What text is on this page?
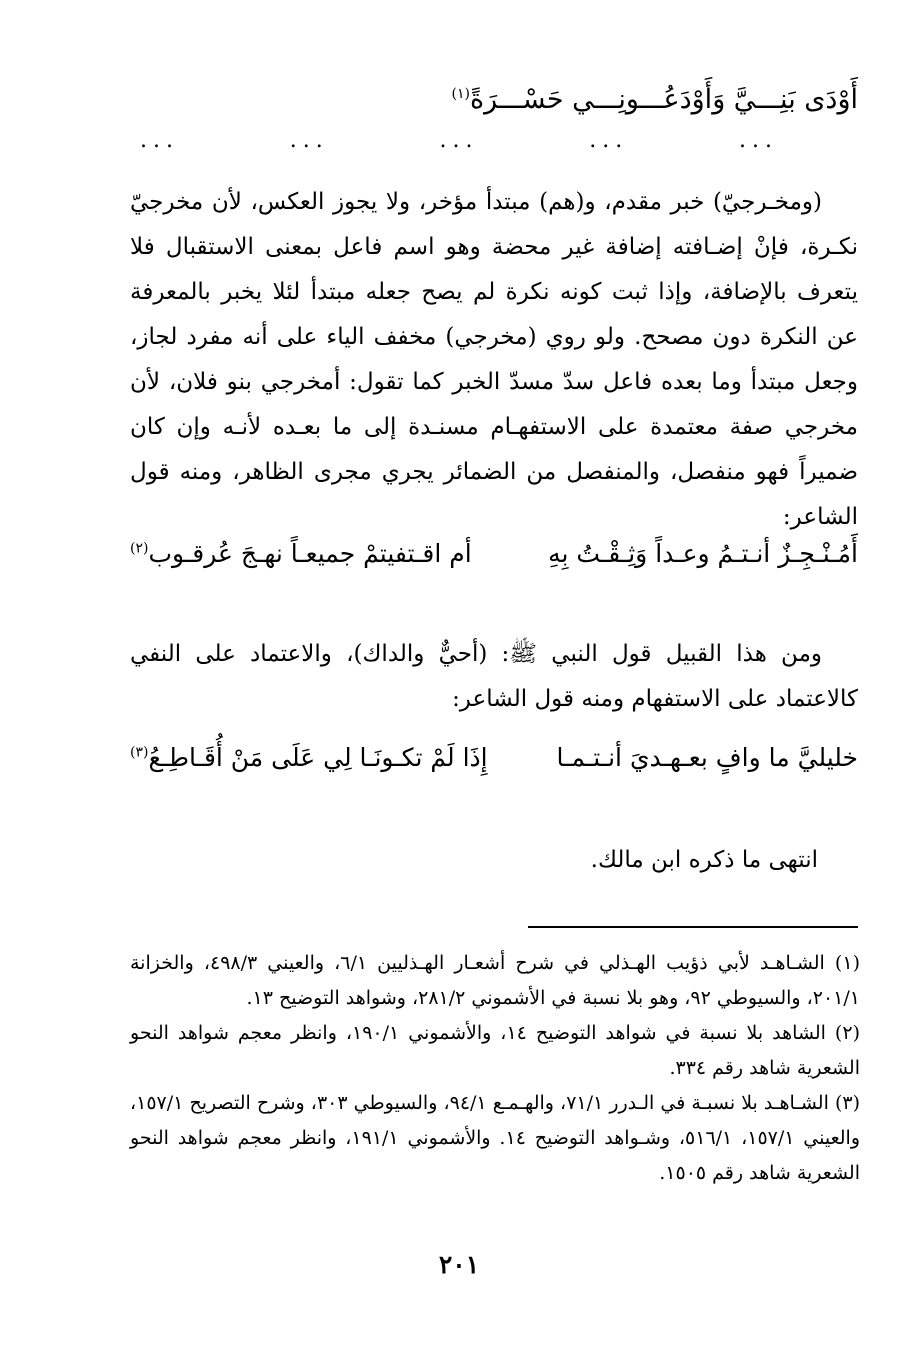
أَوْدَى بَنِـــيَّ وَأَوْدَعُـــونِـــي حَسْـــرَةً$^{(١)}$
...
...
...
...
...

(ومخـرجيّ) خبر مقدم، و(هم) مبتدأ مؤخر، ولا يجوز العكس، لأن مخرجيّ نكـرة، فإنْ إضـافته إضافة غير محضة وهو اسم فاعل بمعنى الاستقبال فلا يتعرف بالإضافة، وإذا ثبت كونه نكرة لم يصح جعله مبتدأ لئلا يخبر بالمعرفة عن النكرة دون مصحح. ولو روي (مخرجي) مخفف الياء على أنه مفرد لجاز، وجعل مبتدأ وما بعده فاعل سدّ مسدّ الخبر كما تقول: أمخرجي بنو فلان، لأن مخرجي صفة معتمدة على الاستفهـام مسنـدة إلى ما بعـده لأنـه وإن كان ضميراً فهو منفصل، والمنفصل من الضمائر يجري مجرى الظاهر، ومنه قول الشاعر:

أَمُـنْـجِـزٌ أنـتـمُ وعـداً وَثِـقْـتُ بِهِ
أم اقـتفيتمْ جميعـاً نهـجَ عُرقـوب$^{(٢)}$

ومن هذا القبيل قول النبي ﷺ: (أحيٌّ والداك)، والاعتماد على النفي كالاعتماد على الاستفهام ومنه قول الشاعر:

خليليَّ ما وافٍ بعـهـديَ أنـتـمـا
إِذَا لَمْ تكـونَـا لِي عَلَى مَنْ أُقَـاطِـعُ$^{(٣)}$
انتهى ما ذكره ابن مالك.

(١) الشـاهـد لأبي ذؤيب الهـذلي في شرح أشعـار الهـذليين ٦/١، والعيني ٤٩٨/٣، والخزانة ٢٠١/١، والسيوطي ٩٢، وهو بلا نسبة في الأشموني ٢٨١/٢، وشواهد التوضيح ١٣.

(٢) الشاهد بلا نسبة في شواهد التوضيح ١٤، والأشموني ١٩٠/١، وانظر معجم شواهد النحو الشعرية شاهد رقم ٣٣٤.

(٣) الشـاهـد بلا نسبـة في الـدرر ٧١/١، والهـمـع ٩٤/١، والسيوطي ٣٠٣، وشرح التصريح ١٥٧/١، والعيني ١٥٧/١، ٥١٦/١، وشـواهد التوضيح ١٤. والأشموني ١٩١/١، وانظر معجم شواهد النحو الشعرية شاهد رقم ١٥٠٥.

٢٠١
